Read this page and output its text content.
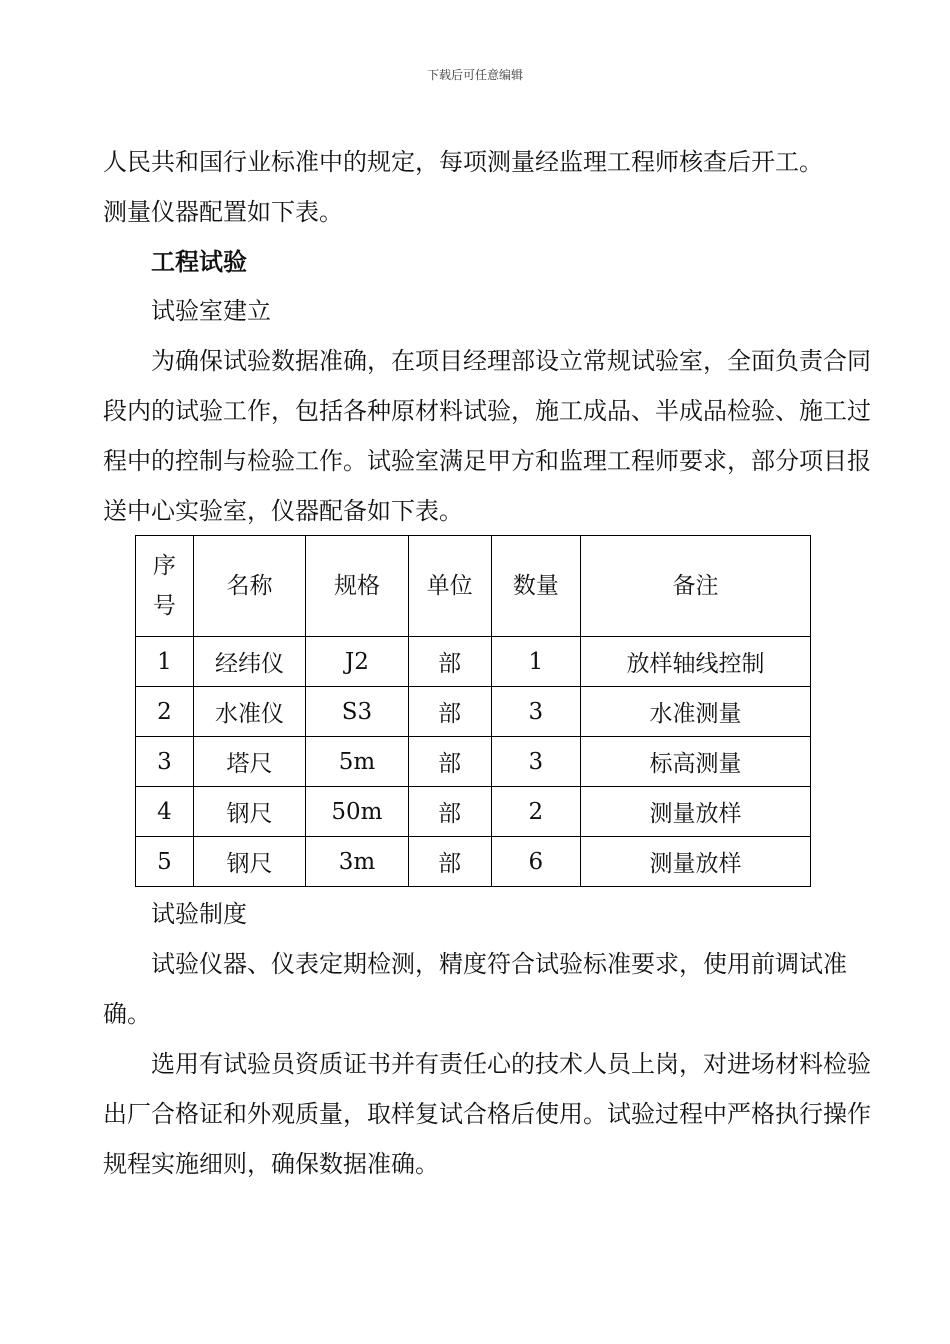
下载后可任意编辑

人民共和国行业标准中的规定，每项测量经监理工程师核查后开工。

测量仪器配置如下表。

工程试验

试验室建立

为确保试验数据准确，在项目经理部设立常规试验室，全面负责合同段内的试验工作，包括各种原材料试验，施工成品、半成品检验、施工过程中的控制与检验工作。试验室满足甲方和监理工程师要求，部分项目报送中心实验室，仪器配备如下表。

序号	名称	规格	单位	数量	备注
1	经纬仪	J2	部	1	放样轴线控制
2	水准仪	S3	部	3	水准测量
3	塔尺	5m	部	3	标高测量
4	钢尺	50m	部	2	测量放样
5	钢尺	3m	部	6	测量放样

试验制度

试验仪器、仪表定期检测，精度符合试验标准要求，使用前调试准确。

选用有试验员资质证书并有责任心的技术人员上岗，对进场材料检验出厂合格证和外观质量，取样复试合格后使用。试验过程中严格执行操作规程实施细则，确保数据准确。
